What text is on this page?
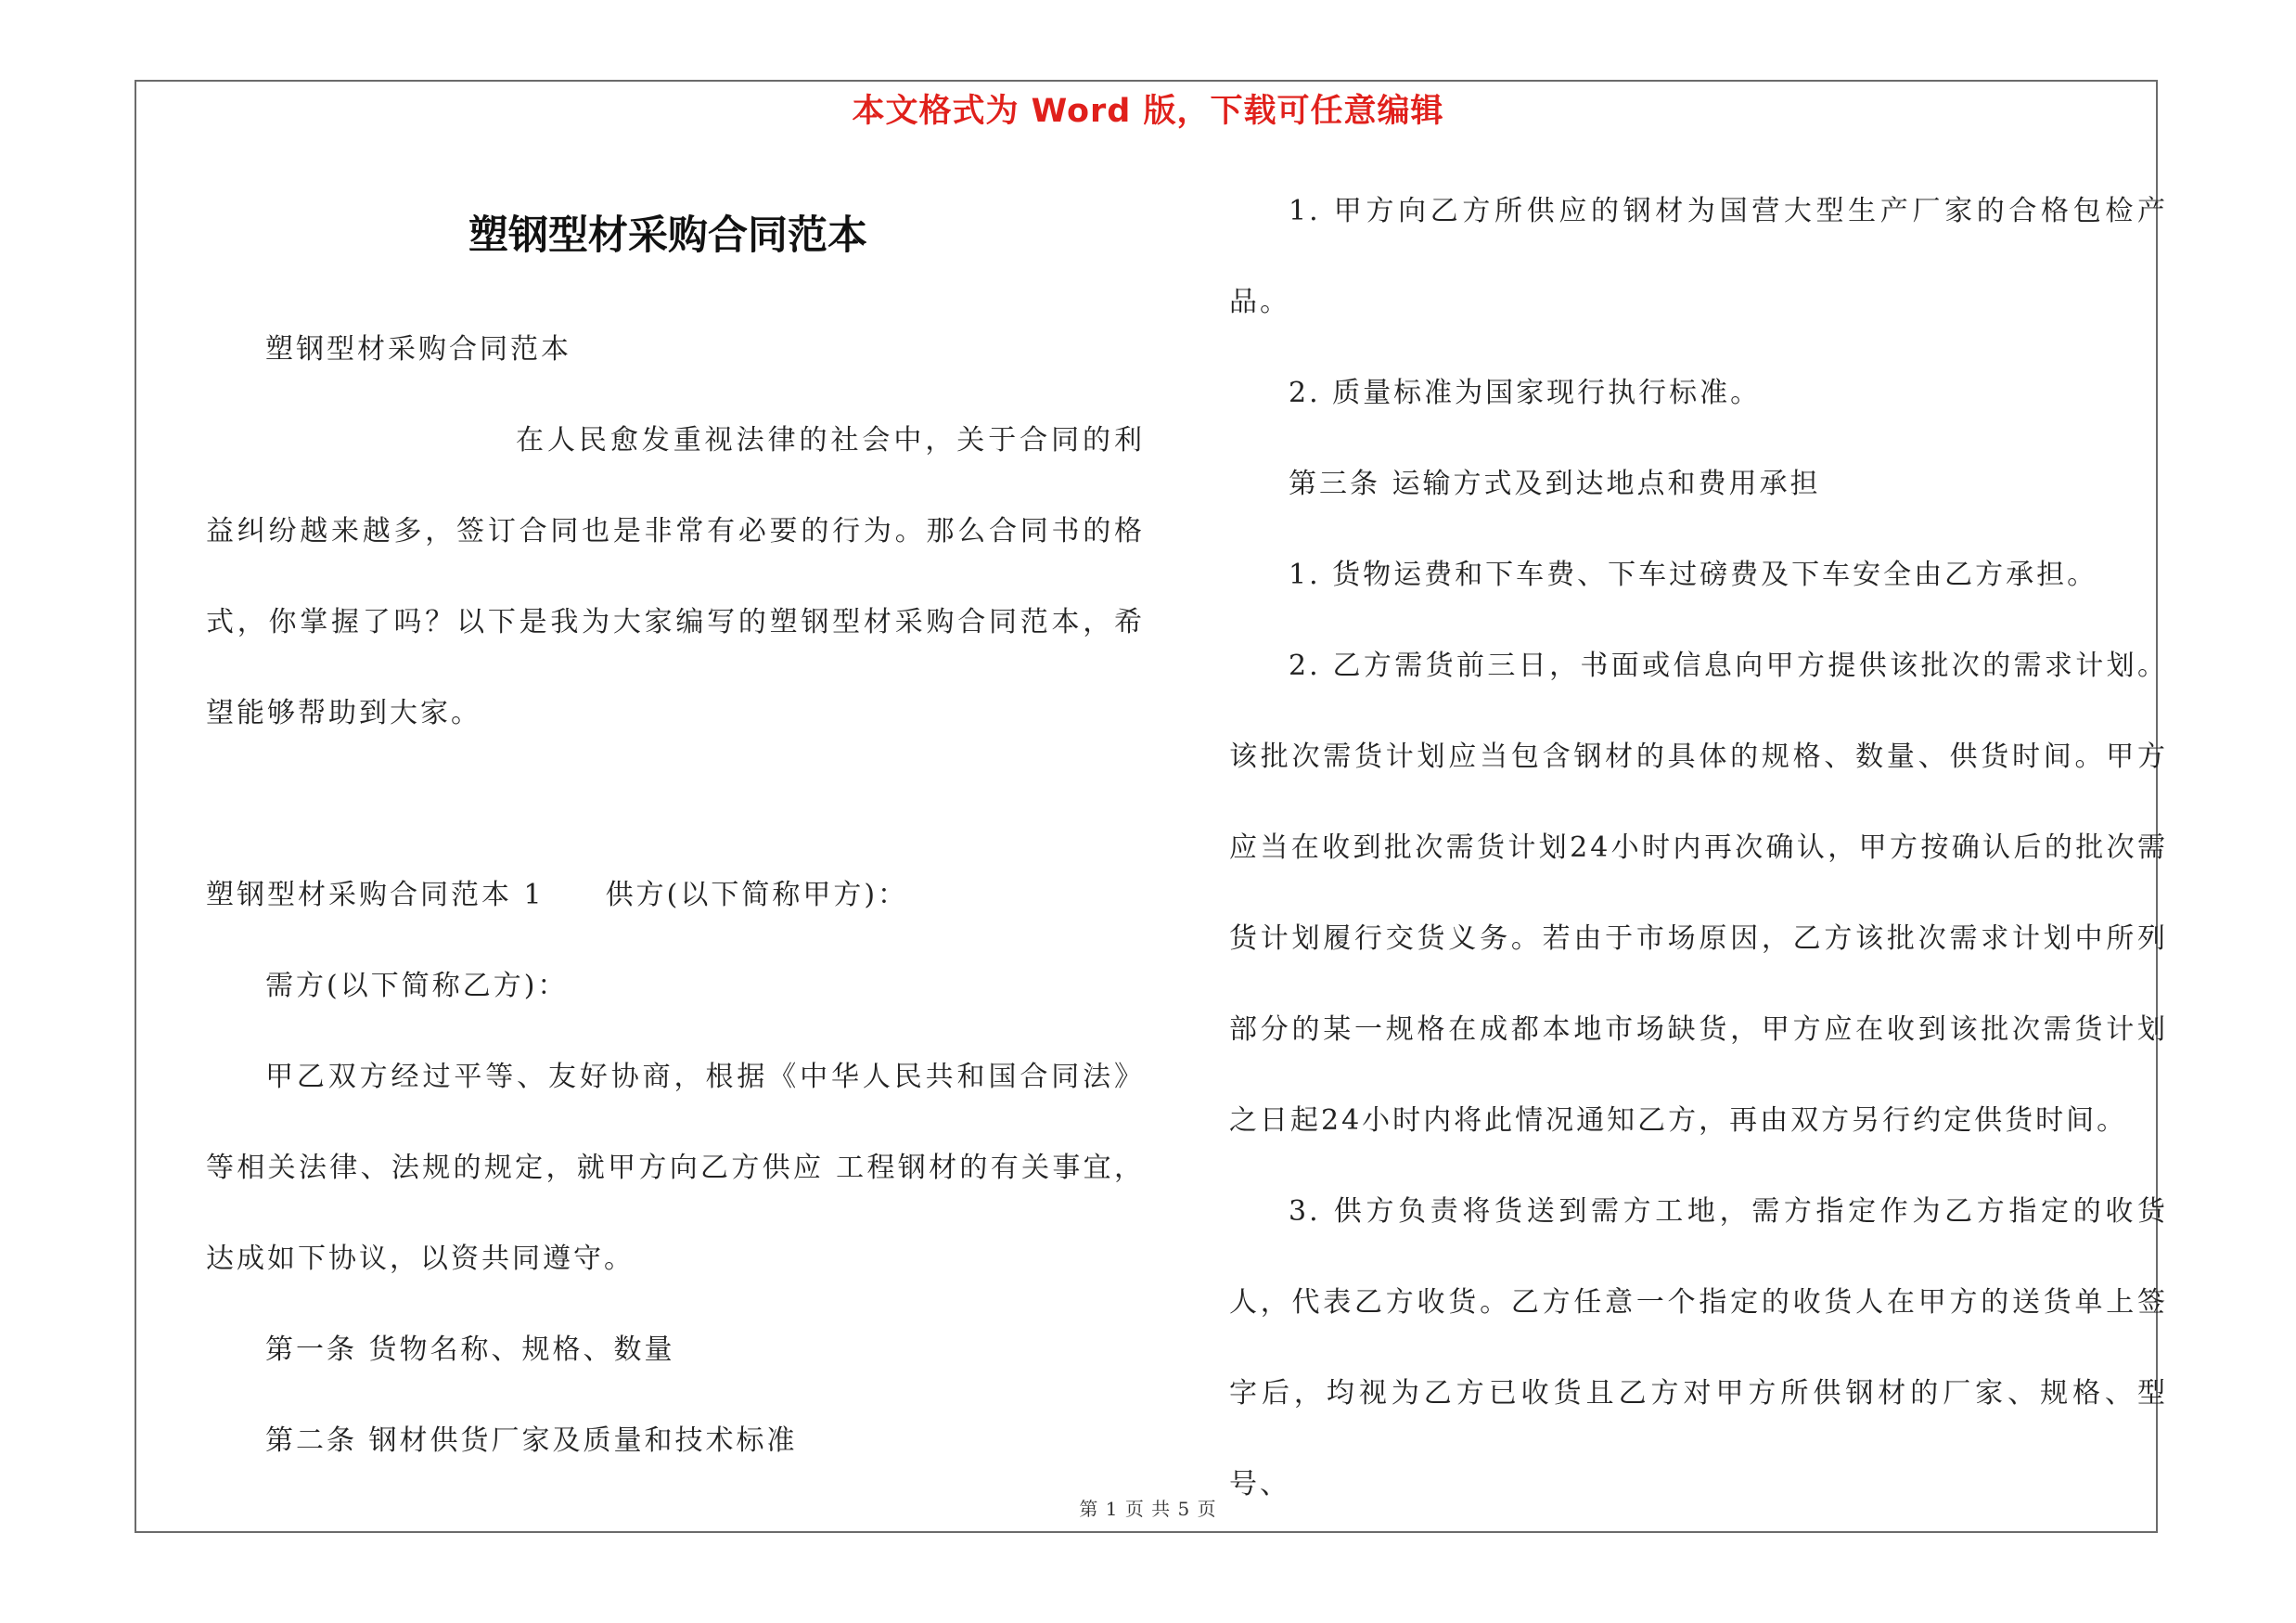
本文格式为 Word 版，下载可任意编辑
塑钢型材采购合同范本

塑钢型材采购合同范本

在人民愈发重视法律的社会中，关于合同的利益纠纷越来越多，签订合同也是非常有必要的行为。那么合同书的格式，你掌握了吗？以下是我为大家编写的塑钢型材采购合同范本，希望能够帮助到大家。

塑钢型材采购合同范本 1　　供方(以下简称甲方)：

需方(以下简称乙方)：

甲乙双方经过平等、友好协商，根据《中华人民共和国合同法》等相关法律、法规的规定，就甲方向乙方供应 工程钢材的有关事宜，达成如下协议，以资共同遵守。

第一条 货物名称、规格、数量

第二条 钢材供货厂家及质量和技术标准

1. 甲方向乙方所供应的钢材为国营大型生产厂家的合格包检产品。

2. 质量标准为国家现行执行标准。

第三条 运输方式及到达地点和费用承担

1. 货物运费和下车费、下车过磅费及下车安全由乙方承担。

2. 乙方需货前三日，书面或信息向甲方提供该批次的需求计划。该批次需货计划应当包含钢材的具体的规格、数量、供货时间。甲方应当在收到批次需货计划24小时内再次确认，甲方按确认后的批次需货计划履行交货义务。若由于市场原因，乙方该批次需求计划中所列部分的某一规格在成都本地市场缺货，甲方应在收到该批次需货计划之日起24小时内将此情况通知乙方，再由双方另行约定供货时间。

3. 供方负责将货送到需方工地，需方指定作为乙方指定的收货人，代表乙方收货。乙方任意一个指定的收货人在甲方的送货单上签字后，均视为乙方已收货且乙方对甲方所供钢材的厂家、规格、型号、

第 1 页 共 5 页
